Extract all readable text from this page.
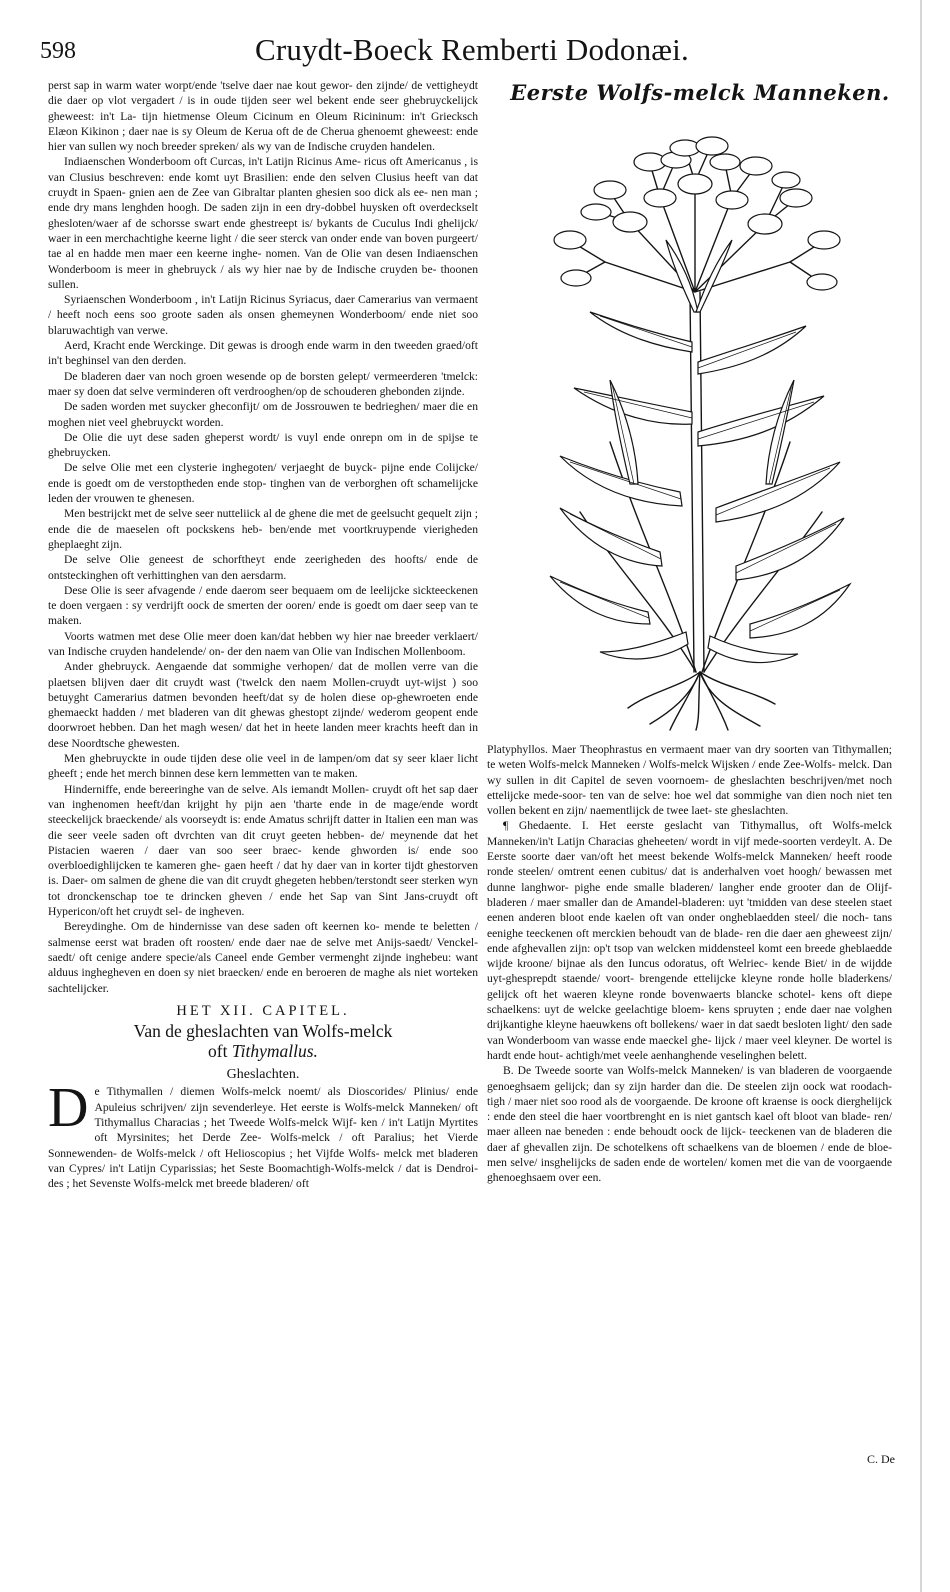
598	Cruydt-Boeck Remberti Dodonæi.

perst sap in warm water worpt/ende 'tselve daer nae kout gewor- den zijnde/ de vettigheydt die daer op vlot vergadert / is in oude tijden seer wel bekent ende seer ghebruyckelijck gheweest: in't La- tijn hietmense Oleum Cicinum en Oleum Ricininum: in't Griecksch Elæon Kikinon ; daer nae is sy Oleum de Kerua oft de de Cherua ghenoemt gheweest: ende hier van sullen wy noch breeder spreken/ als wy van de Indische cruyden handelen.

Indiaenschen Wonderboom oft Curcas, in't Latijn Ricinus Ame- ricus oft Americanus , is van Clusius beschreven: ende komt uyt Brasilien: ende den selven Clusius heeft van dat cruydt in Spaen- gnien aen de Zee van Gibraltar planten ghesien soo dick als ee- nen man ; ende dry mans lenghden hoogh. De saden zijn in een dry-dobbel huysken oft overdeckselt ghesloten/waer af de schorsse swart ende ghestreept is/ bykants de Cuculus Indi ghelijck/ waer in een merchachtighe keerne light / die seer sterck van onder ende van boven purgeert/ tae al en hadde men maer een keerne inghe- nomen. Van de Olie van desen Indiaenschen Wonderboom is meer in ghebruyck / als wy hier nae by de Indische cruyden be- thoonen sullen.

Syriaenschen Wonderboom , in't Latijn Ricinus Syriacus, daer Camerarius van vermaent / heeft noch eens soo groote saden als onsen ghemeynen Wonderboom/ ende niet soo blaruwachtigh van verwe.

Aerd, Kracht ende Werckinge. Dit gewas is droogh ende warm in den tweeden graed/oft in't beghinsel van den derden.

De bladeren daer van noch groen wesende op de borsten gelept/ vermeerderen 'tmelck: maer sy doen dat selve verminderen oft verdrooghen/op de schouderen ghebonden zijnde.

De saden worden met suycker gheconfijt/ om de Jossrouwen te bedrieghen/ maer die en moghen niet veel ghebruyckt worden.

De Olie die uyt dese saden gheperst wordt/ is vuyl ende onrepn om in de spijse te ghebruycken.

De selve Olie met een clysterie inghegoten/ verjaeght de buyck- pijne ende Colijcke/ ende is goedt om de verstoptheden ende stop- tinghen van de verborghen oft schamelijcke leden der vrouwen te ghenesen.

Men bestrijckt met de selve seer nutteliick al de ghene die met de geelsucht gequelt zijn ; ende die de maeselen oft pockskens heb- ben/ende met voortkruypende vierigheden gheplaeght zijn.

De selve Olie geneest de schorftheyt ende zeerigheden des hoofts/ ende de ontsteckinghen oft verhittinghen van den aersdarm.

Dese Olie is seer afvagende / ende daerom seer bequaem om de leelijcke sickteeckenen te doen vergaen : sy verdrijft oock de smerten der ooren/ ende is goedt om daer seep van te maken.

Voorts watmen met dese Olie meer doen kan/dat hebben wy hier nae breeder verklaert/ van Indische cruyden handelende/ on- der den naem van Olie van Indischen Mollenboom.

Ander ghebruyck. Aengaende dat sommighe verhopen/ dat de mollen verre van die plaetsen blijven daer dit cruydt wast ('twelck den naem Mollen-cruydt uyt-wijst ) soo betuyght Camerarius datmen bevonden heeft/dat sy de holen diese op-ghewroeten ende ghemaeckt hadden / met bladeren van dit ghewas ghestopt zijnde/ wederom geopent ende doorwroet hebben. Dan het magh wesen/ dat het in heete landen meer krachts heeft dan in dese Noordtsche ghewesten.

Men ghebruyckte in oude tijden dese olie veel in de lampen/om dat sy seer klaer licht gheeft ; ende het merch binnen dese kern lemmetten van te maken.

Hinderniffe, ende bereeringhe van de selve. Als iemandt Mollen- cruydt oft het sap daer van inghenomen heeft/dan krijght hy pijn aen 'tharte ende in de mage/ende wordt steeckelijck braeckende/ als voorseydt is: ende Amatus schrijft datter in Italien een man was die seer veele saden oft dvrchten van dit cruyt geeten hebben- de/ meynende dat het Pistacien waeren / daer van soo seer braec- kende ghworden is/ ende soo overbloedighlijcken te kameren ghe- gaen heeft / dat hy daer van in korter tijdt ghestorven is. Daer- om salmen de ghene die van dit cruydt ghegeten hebben/terstondt seer sterken wyn tot dronckenschap toe te drincken gheven / ende het Sap van Sint Jans-cruydt oft Hypericon/oft het cruydt sel- de ingheven.

Bereydinghe. Om de hindernisse van dese saden oft keernen ko- mende te beletten / salmense eerst wat braden oft roosten/ ende daer nae de selve met Anijs-saedt/ Venckel-saedt/ oft cenige andere specie/als Caneel ende Gember vermenght zijnde inghebeu: want alduus inghegheven en doen sy niet braecken/ ende en beroeren de maghe als niet worteken sachtelijcker.

HET XII. CAPITEL.
Van de gheslachten van Wolfs-melck
oft Tithymallus.
Gheslachten.

De Tithymallen / diemen Wolfs-melck noemt/ als Dioscorides/ Plinius/ ende Apuleius schrijven/ zijn sevenderleye. Het eerste is Wolfs-melck Manneken/ oft Tithymallus Characias ; het Tweede Wolfs-melck Wijf- ken / in't Latijn Myrtites oft Myrsinites; het Derde Zee- Wolfs-melck / oft Paralius; het Vierde Sonnewenden- de Wolfs-melck / oft Helioscopius ; het Vijfde Wolfs- melck met bladeren van Cypres/ in't Latijn Cyparissias; het Seste Boomachtigh-Wolfs-melck / dat is Dendroi- des ; het Sevenste Wolfs-melck met breede bladeren/ oft

Eerste Wolfs-melck Manneken.

Platyphyllos. Maer Theophrastus en vermaent maer van dry soorten van Tithymallen; te weten Wolfs-melck Manneken / Wolfs-melck Wijsken / ende Zee-Wolfs- melck. Dan wy sullen in dit Capitel de seven voornoem- de gheslachten beschrijven/met noch ettelijcke mede-soor- ten van de selve: hoe wel dat sommighe van dien noch niet ten vollen bekent en zijn/ naementlijck de twee laet- ste gheslachten.

¶ Ghedaente. I. Het eerste geslacht van Tithymallus, oft Wolfs-melck Manneken/in't Latijn Characias gheheeten/ wordt in vijf mede-soorten verdeylt. A. De Eerste soorte daer van/oft het meest bekende Wolfs-melck Manneken/ heeft roode ronde steelen/ omtrent eenen cubitus/ dat is anderhalven voet hoogh/ bewassen met dunne langhwor- pighe ende smalle bladeren/ langher ende grooter dan de Olijf-bladeren / maer smaller dan de Amandel-bladeren: uyt 'tmidden van dese steelen staet eenen anderen bloot ende kaelen oft van onder ongheblaedden steel/ die noch- tans eenighe teeckenen oft merckien behoudt van de blade- ren die daer aen gheweest zijn/ ende afghevallen zijn: op't tsop van welcken middensteel komt een breede gheblaedde wijde kroone/ bijnae als den Iuncus odoratus, oft Welriec- kende Biet/ in de wijdde uyt-ghesprepdt staende/ voort- brengende ettelijcke kleyne ronde holle bladerkens/ gelijck oft het waeren kleyne ronde bovenwaerts blancke schotel- kens oft diepe schaelkens: uyt de welcke geelachtige bloem- kens spruyten ; ende daer nae volghen drijkantighe kleyne haeuwkens oft bollekens/ waer in dat saedt besloten light/ den sade van Wonderboom van wasse ende maeckel ghe- lijck / maer veel kleyner. De wortel is hardt ende hout- achtigh/met veele aenhanghende veselinghen belett.

B. De Tweede soorte van Wolfs-melck Manneken/ is van bladeren de voorgaende genoeghsaem gelijck; dan sy zijn harder dan die. De steelen zijn oock wat roodach- tigh / maer niet soo rood als de voorgaende. De kroone oft kraense is oock dierghelijck : ende den steel die haer voortbrenght en is niet gantsch kael oft bloot van blade- ren/ maer alleen nae beneden : ende behoudt oock de lijck- teeckenen van de bladeren die daer af ghevallen zijn. De schotelkens oft schaelkens van de bloemen / ende de bloe- men selve/ insghelijcks de saden ende de wortelen/ komen met die van de voorgaende ghenoeghsaem over een.

C. De
